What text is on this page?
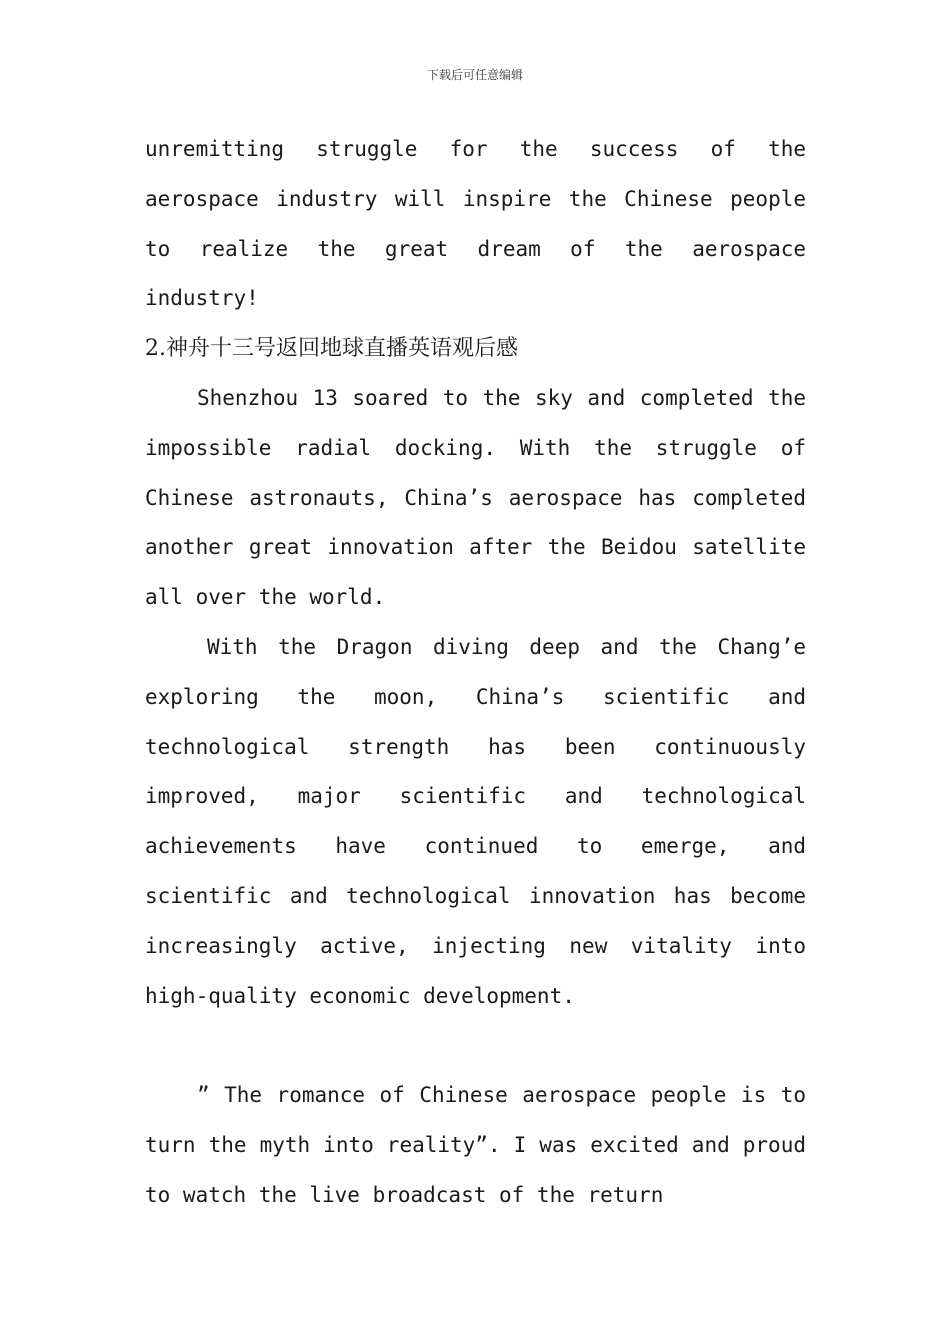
下载后可任意编辑

unremitting struggle for the success of the aerospace industry will inspire the Chinese people to realize the great dream of the aerospace industry!

2.神舟十三号返回地球直播英语观后感

Shenzhou 13 soared to the sky and completed the impossible radial docking. With the struggle of Chinese astronauts, China’s aerospace has completed another great innovation after the Beidou satellite all over the world.

With the Dragon diving deep and the Chang’e exploring the moon, China’s scientific and technological strength has been continuously improved, major scientific and technological achievements have continued to emerge, and scientific and technological innovation has become increasingly active, injecting new vitality into high-quality economic development.

” The romance of Chinese aerospace people is to turn the myth into reality”. I was excited and proud to watch the live broadcast of the return
